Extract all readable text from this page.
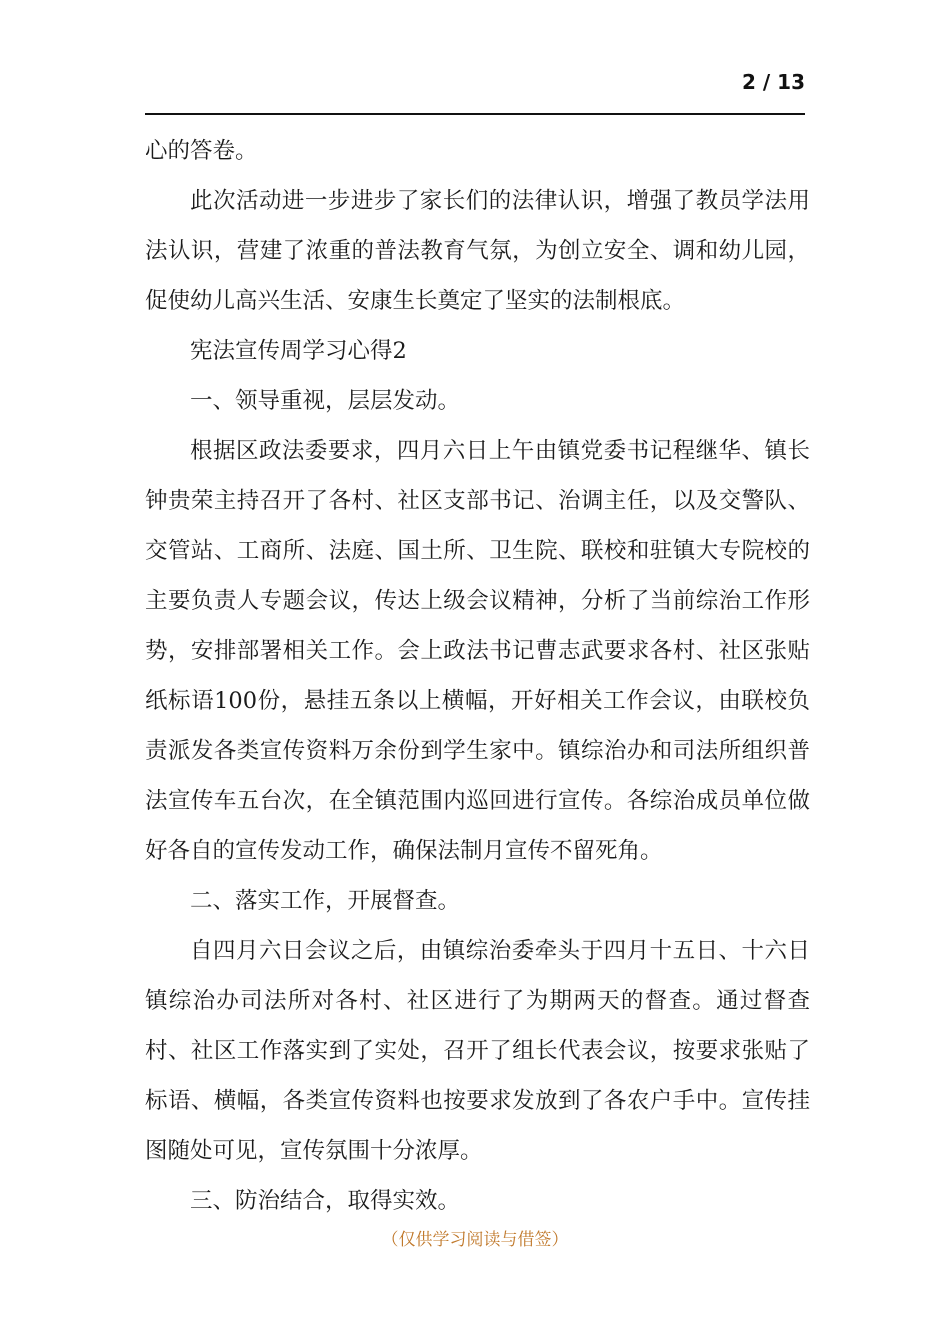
2 / 13

心的答卷。

此次活动进一步进步了家长们的法律认识，增强了教员学法用法认识，营建了浓重的普法教育气氛，为创立安全、调和幼儿园，促使幼儿高兴生活、安康生长奠定了坚实的法制根底。

宪法宣传周学习心得2

一、领导重视，层层发动。

根据区政法委要求，四月六日上午由镇党委书记程继华、镇长钟贵荣主持召开了各村、社区支部书记、治调主任，以及交警队、交管站、工商所、法庭、国土所、卫生院、联校和驻镇大专院校的主要负责人专题会议，传达上级会议精神，分析了当前综治工作形势，安排部署相关工作。会上政法书记曹志武要求各村、社区张贴纸标语100份，悬挂五条以上横幅，开好相关工作会议，由联校负责派发各类宣传资料万余份到学生家中。镇综治办和司法所组织普法宣传车五台次，在全镇范围内巡回进行宣传。各综治成员单位做好各自的宣传发动工作，确保法制月宣传不留死角。

二、落实工作，开展督查。

自四月六日会议之后，由镇综治委牵头于四月十五日、十六日镇综治办司法所对各村、社区进行了为期两天的督查。通过督查村、社区工作落实到了实处，召开了组长代表会议，按要求张贴了标语、横幅，各类宣传资料也按要求发放到了各农户手中。宣传挂图随处可见，宣传氛围十分浓厚。

三、防治结合，取得实效。

（仅供学习阅读与借签）
